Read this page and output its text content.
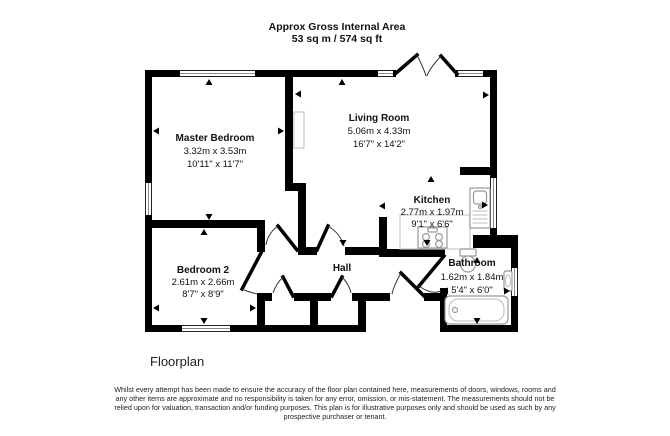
Approx Gross Internal Area
53 sq m / 574 sq ft
Master Bedroom
3.32m x 3.53m
10'11" x 11'7"
Living Room
5.06m x 4.33m
16'7" x 14'2"
Kitchen
2.77m x 1.97m
9'1" x 6'6"
Bedroom 2
2.61m x 2.66m
8'7" x 8'9"
Hall	Bathroom
1.62m x 1.84m
5'4" x 6'0"
Floorplan
Whilst every attempt has been made to ensure the accuracy of the floor plan contained here, measurements of doors, windows, rooms and
any other items are approximate and no responsibility is taken for any error, omission, or mis-statement. The measurements should not be
relied upon for valuation, transaction and/or funding purposes. This plan is for illustrative purposes only and should be used as such by any
prospective purchaser or tenant.
